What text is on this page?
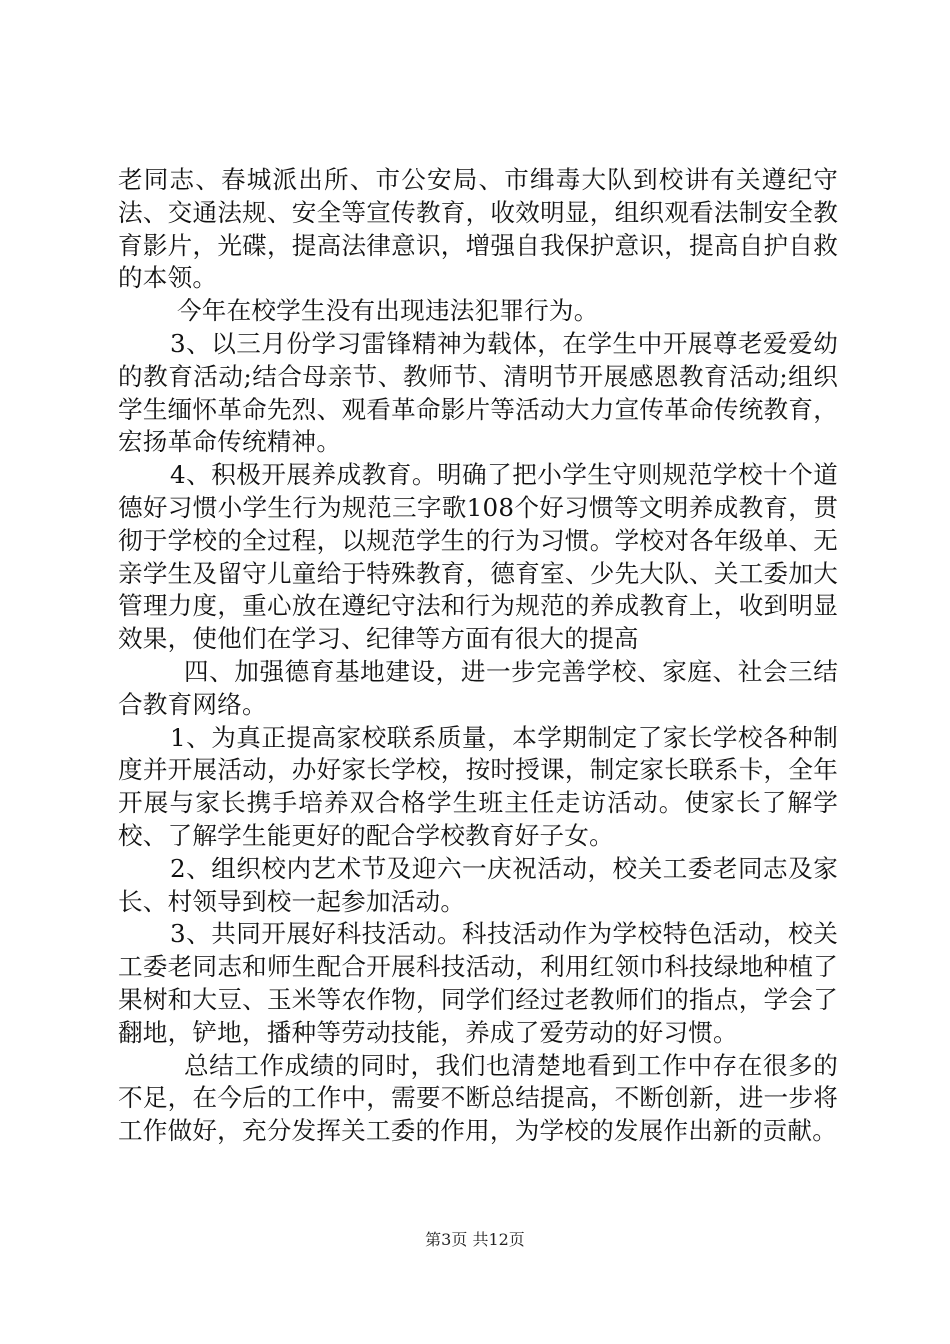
老同志、春城派出所、市公安局、市缉毒大队到校讲有关遵纪守法、交通法规、安全等宣传教育，收效明显，组织观看法制安全教育影片，光碟，提高法律意识，增强自我保护意识，提高自护自救的本领。

今年在校学生没有出现违法犯罪行为。

3、以三月份学习雷锋精神为载体，在学生中开展尊老爱爱幼的教育活动;结合母亲节、教师节、清明节开展感恩教育活动;组织学生缅怀革命先烈、观看革命影片等活动大力宣传革命传统教育，宏扬革命传统精神。

4、积极开展养成教育。明确了把小学生守则规范学校十个道德好习惯小学生行为规范三字歌108个好习惯等文明养成教育，贯彻于学校的全过程，以规范学生的行为习惯。学校对各年级单、无亲学生及留守儿童给于特殊教育，德育室、少先大队、关工委加大管理力度，重心放在遵纪守法和行为规范的养成教育上，收到明显效果，使他们在学习、纪律等方面有很大的提高

四、加强德育基地建设，进一步完善学校、家庭、社会三结合教育网络。

1、为真正提高家校联系质量，本学期制定了家长学校各种制度并开展活动，办好家长学校，按时授课，制定家长联系卡，全年开展与家长携手培养双合格学生班主任走访活动。使家长了解学校、了解学生能更好的配合学校教育好子女。

2、组织校内艺术节及迎六一庆祝活动，校关工委老同志及家长、村领导到校一起参加活动。

3、共同开展好科技活动。科技活动作为学校特色活动，校关工委老同志和师生配合开展科技活动，利用红领巾科技绿地种植了果树和大豆、玉米等农作物，同学们经过老教师们的指点，学会了翻地，铲地，播种等劳动技能，养成了爱劳动的好习惯。

总结工作成绩的同时，我们也清楚地看到工作中存在很多的不足，在今后的工作中，需要不断总结提高，不断创新，进一步将工作做好，充分发挥关工委的作用，为学校的发展作出新的贡献。

第3页 共12页
